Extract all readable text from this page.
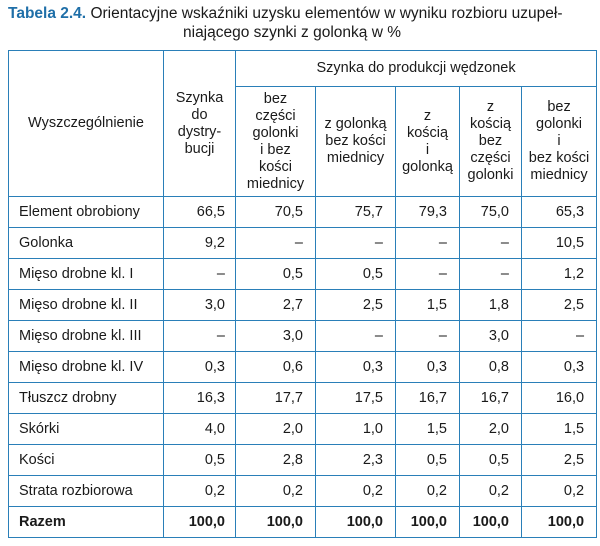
Tabela 2.4. Orientacyjne wskaźniki uzysku elementów w wyniku rozbioru uzupeł-
niającego szynki z golonką w %
Wyszczególnienie	Szynka
do
dystry-
bucji	Szynka do produkcji wędzonek				
		bez części
golonki
i bez kości
miednicy	z golonką
bez kości
miednicy	z kością
i
golonką	z kością
bez
części
golonki	bez
golonki
i
bez kości
miednicy
Element obrobiony	66,5	70,5	75,7	79,3	75,0	65,3
Golonka	9,2	–	–	–	–	10,5
Mięso drobne kl. I	–	0,5	0,5	–	–	1,2
Mięso drobne kl. II	3,0	2,7	2,5	1,5	1,8	2,5
Mięso drobne kl. III	–	3,0	–	–	3,0	–
Mięso drobne kl. IV	0,3	0,6	0,3	0,3	0,8	0,3
Tłuszcz drobny	16,3	17,7	17,5	16,7	16,7	16,0
Skórki	4,0	2,0	1,0	1,5	2,0	1,5
Kości	0,5	2,8	2,3	0,5	0,5	2,5
Strata rozbiorowa	0,2	0,2	0,2	0,2	0,2	0,2
Razem	100,0	100,0	100,0	100,0	100,0	100,0
